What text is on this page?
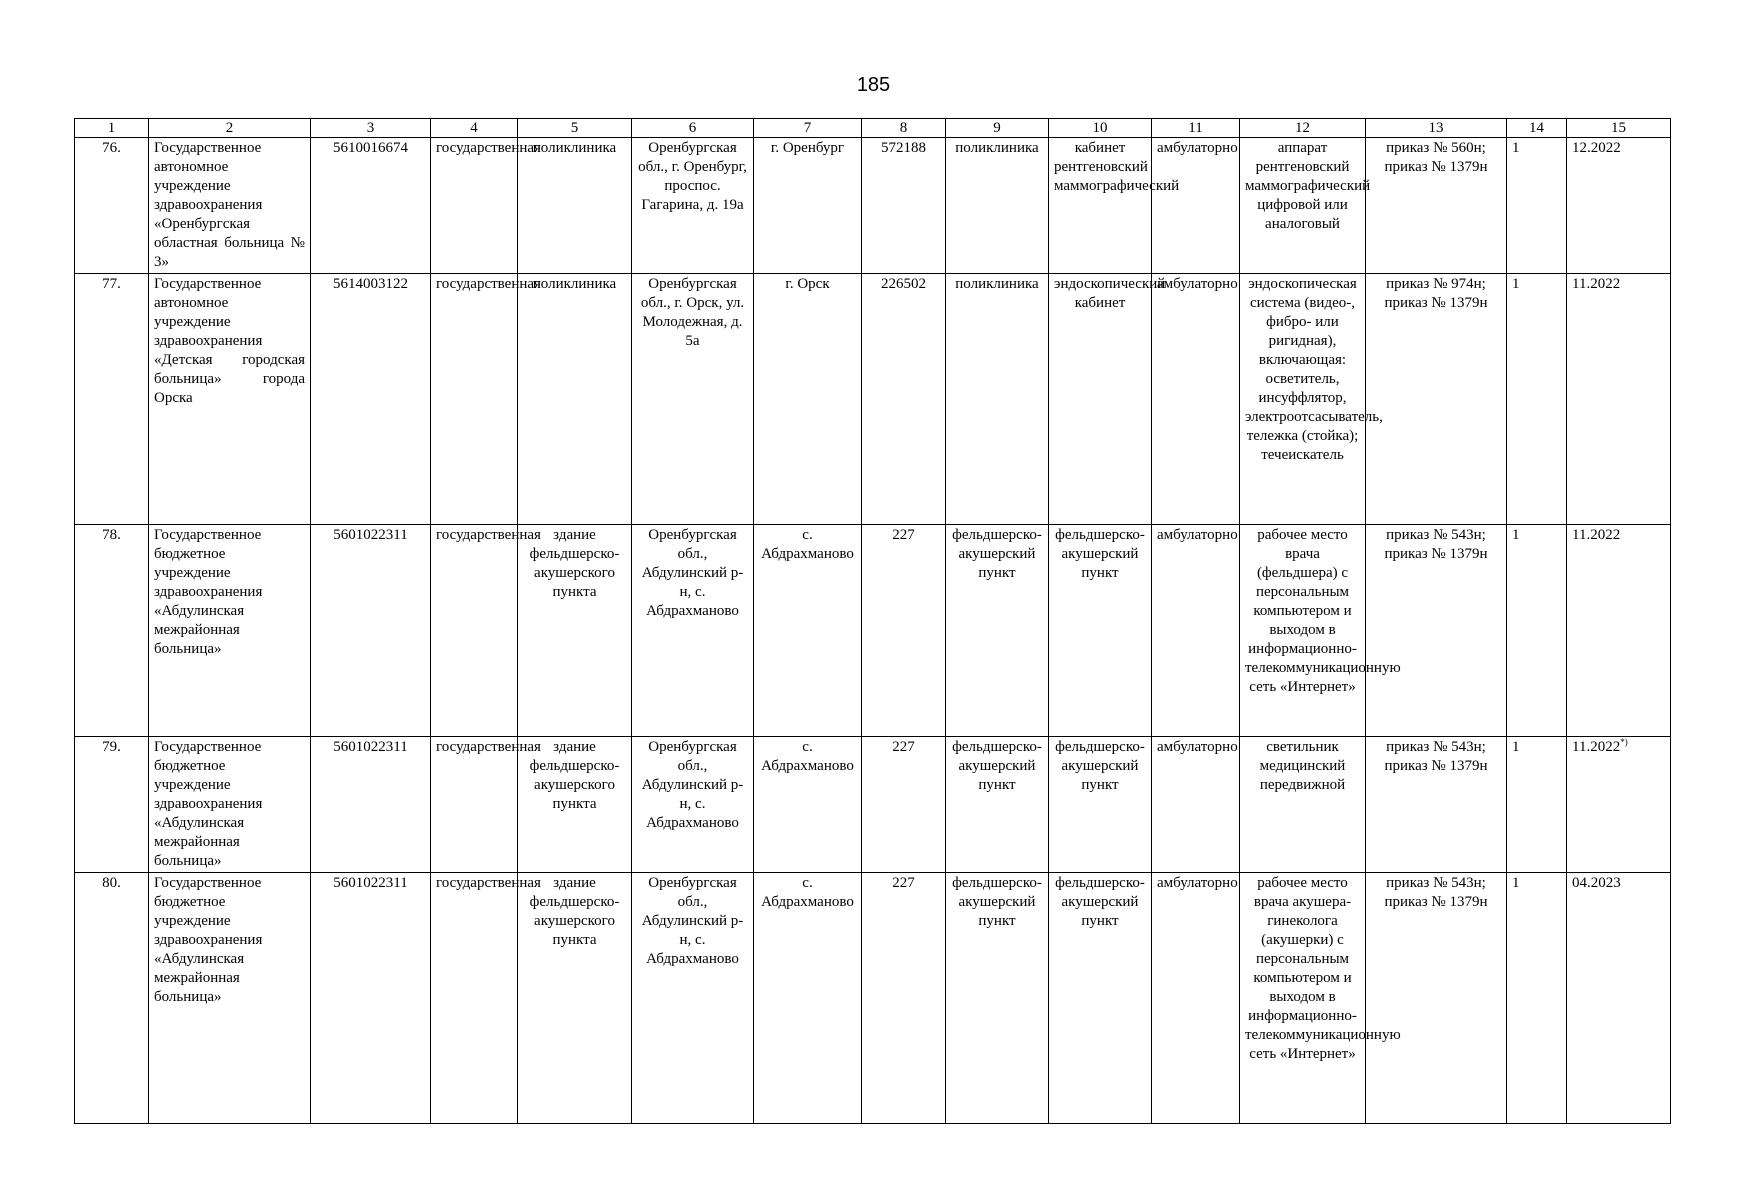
185
1	2	3	4	5	6	7	8	9	10	11	12	13	14	15
76.	Государственное автономное учреждение здравоохранения «Оренбургская областная больница № 3»	5610016674	государственная	поликлиника	Оренбургская обл., г. Оренбург, проспос. Гагарина, д. 19а	г. Оренбург	572188	поликлиника	кабинет рентгеновский маммографический	амбулаторно	аппарат рентгеновский маммографический цифровой или аналоговый	приказ № 560н; приказ № 1379н	1	12.2022
77.	Государственное автономное учреждение здравоохранения «Детская городская больница» города Орска	5614003122	государственная	поликлиника	Оренбургская обл., г. Орск, ул. Молодежная, д. 5а	г. Орск	226502	поликлиника	эндоскопический кабинет	амбулаторно	эндоскопическая система (видео-, фибро- или ригидная), включающая: осветитель, инсуффлятор, электроотсасыватель, тележка (стойка); течеискатель	приказ № 974н; приказ № 1379н	1	11.2022
78.	Государственное бюджетное учреждение здравоохранения «Абдулинская межрайонная больница»	5601022311	государственная	здание фельдшерско-акушерского пункта	Оренбургская обл., Абдулинский р-н, с. Абдрахманово	с. Абдрахманово	227	фельдшерско-акушерский пункт	фельдшерско-акушерский пункт	амбулаторно	рабочее место врача (фельдшера) с персональным компьютером и выходом в информационно-телекоммуникационную сеть «Интернет»	приказ № 543н; приказ № 1379н	1	11.2022
79.	Государственное бюджетное учреждение здравоохранения «Абдулинская межрайонная больница»	5601022311	государственная	здание фельдшерско-акушерского пункта	Оренбургская обл., Абдулинский р-н, с. Абдрахманово	с. Абдрахманово	227	фельдшерско-акушерский пункт	фельдшерско-акушерский пункт	амбулаторно	светильник медицинский передвижной	приказ № 543н; приказ № 1379н	1	11.2022*)
80.	Государственное бюджетное учреждение здравоохранения «Абдулинская межрайонная больница»	5601022311	государственная	здание фельдшерско-акушерского пункта	Оренбургская обл., Абдулинский р-н, с. Абдрахманово	с. Абдрахманово	227	фельдшерско-акушерский пункт	фельдшерско-акушерский пункт	амбулаторно	рабочее место врача акушера-гинеколога (акушерки) с персональным компьютером и выходом в информационно-телекоммуникационную сеть «Интернет»	приказ № 543н; приказ № 1379н	1	04.2023
